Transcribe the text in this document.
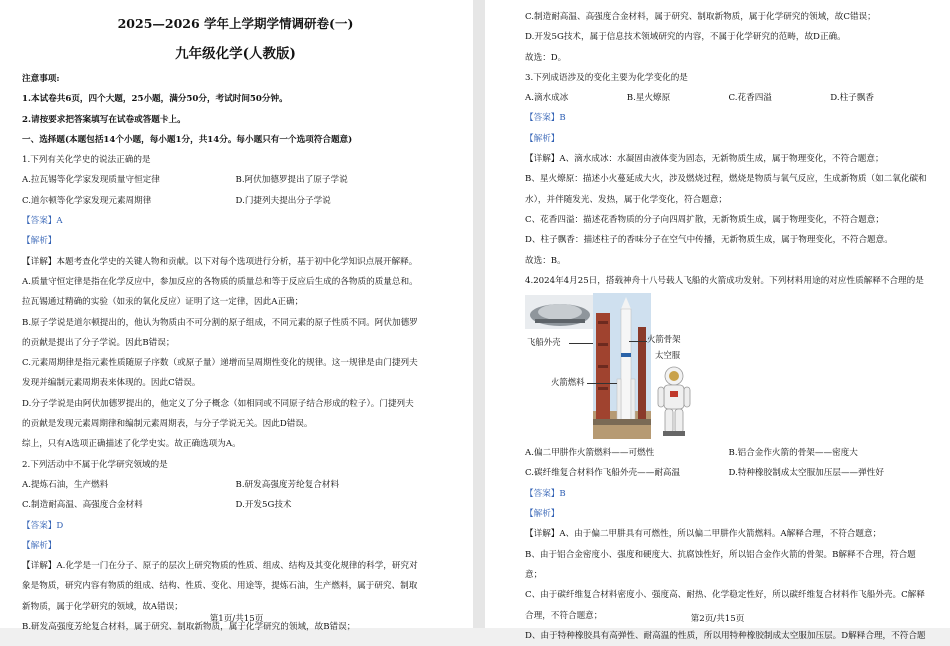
2025—2026 学年上学期学情调研卷(一)
九年级化学(人教版)
注意事项:
1.本试卷共6页，四个大题，25小题，满分50分，考试时间50分钟。
2.请按要求把答案填写在试卷或答题卡上。
一、选择题(本题包括14个小题，每小题1分，共14分。每小题只有一个选项符合题意)
1.下列有关化学史的说法正确的是
A.拉瓦锡等化学家发现质量守恒定律	B.阿伏加德罗提出了原子学说
C.道尔顿等化学家发现元素周期律	D.门捷列夫提出分子学说
【答案】A
【解析】
【详解】本题考查化学史的关键人物和贡献。以下对每个选项进行分析，基于初中化学知识点展开解释。
A.质量守恒定律是指在化学反应中，参加反应的各物质的质量总和等于反应后生成的各物质的质量总和。
拉瓦锡通过精确的实验（如汞的氧化反应）证明了这一定律，因此A正确；
B.原子学说是道尔顿提出的，他认为物质由不可分割的原子组成，不同元素的原子性质不同。阿伏加德罗
的贡献是提出了分子学说。因此B错误；
C.元素周期律是指元素性质随原子序数（或原子量）递增而呈周期性变化的规律。这一规律是由门捷列夫
发现并编制元素周期表来体现的。因此C错误。
D.分子学说是由阿伏加德罗提出的，他定义了分子概念（如相同或不同原子结合形成的粒子）。门捷列夫
的贡献是发现元素周期律和编制元素周期表，与分子学说无关。因此D错误。
综上，只有A选项正确描述了化学史实。故正确选项为A。
2.下列活动中不属于化学研究领域的是
A.提炼石油，生产燃料	B.研发高强度芳纶复合材料
C.制造耐高温、高强度合金材料	D.开发5G技术
【答案】D
【解析】
【详解】A.化学是一门在分子、原子的层次上研究物质的性质、组成、结构及其变化规律的科学，研究对
象是物质，研究内容有物质的组成、结构、性质、变化、用途等，提炼石油，生产燃料，属于研究、制取
新物质，属于化学研究的领域，故A错误；
B.研发高强度芳纶复合材料，属于研究、制取新物质，属于化学研究的领域，故B错误；
第1页/共15页
C.制造耐高温、高强度合金材料，属于研究、制取新物质，属于化学研究的领域，故C错误；
D.开发5G技术，属于信息技术领域研究的内容，不属于化学研究的范畴，故D正确。
故选：D。
3.下列成语涉及的变化主要为化学变化的是
A.滴水成冰	B.星火燎原	C.花香四溢	D.柱子飘香
【答案】B
【解析】
【详解】A、滴水成冰：水凝固由液体变为固态，无新物质生成，属于物理变化，不符合题意；
B、星火燎原：描述小火蔓延成大火，涉及燃烧过程，燃烧是物质与氧气反应，生成新物质（如二氧化碳和
水），并伴随发光、发热，属于化学变化，符合题意；
C、花香四溢：描述花香物质的分子向四周扩散，无新物质生成，属于物理变化，不符合题意；
D、柱子飘香：描述柱子的香味分子在空气中传播，无新物质生成，属于物理变化，不符合题意。
故选：B。
4.2024年4月25日，搭载神舟十八号载人飞船的火箭成功发射。下列材料用途的对应性质解释不合理的是
飞船外壳	火箭骨架
火箭燃料
太空服
A.偏二甲肼作火箭燃料——可燃性	B.铝合金作火箭的骨架——密度大
C.碳纤维复合材料作飞船外壳——耐高温	D.特种橡胶制成太空服加压层——弹性好
【答案】B
【解析】
【详解】A、由于偏二甲肼具有可燃性，所以偏二甲肼作火箭燃料。A解释合理，不符合题意；
B、由于铝合金密度小、强度和硬度大、抗腐蚀性好，所以铝合金作火箭的骨架。B解释不合理，符合题意；
C、由于碳纤维复合材料密度小、强度高、耐热、化学稳定性好，所以碳纤维复合材料作飞船外壳。C解释
合理，不符合题意；
D、由于特种橡胶具有高弹性、耐高温的性质，所以用特种橡胶制成太空服加压层。D解释合理，不符合题
第2页/共15页
